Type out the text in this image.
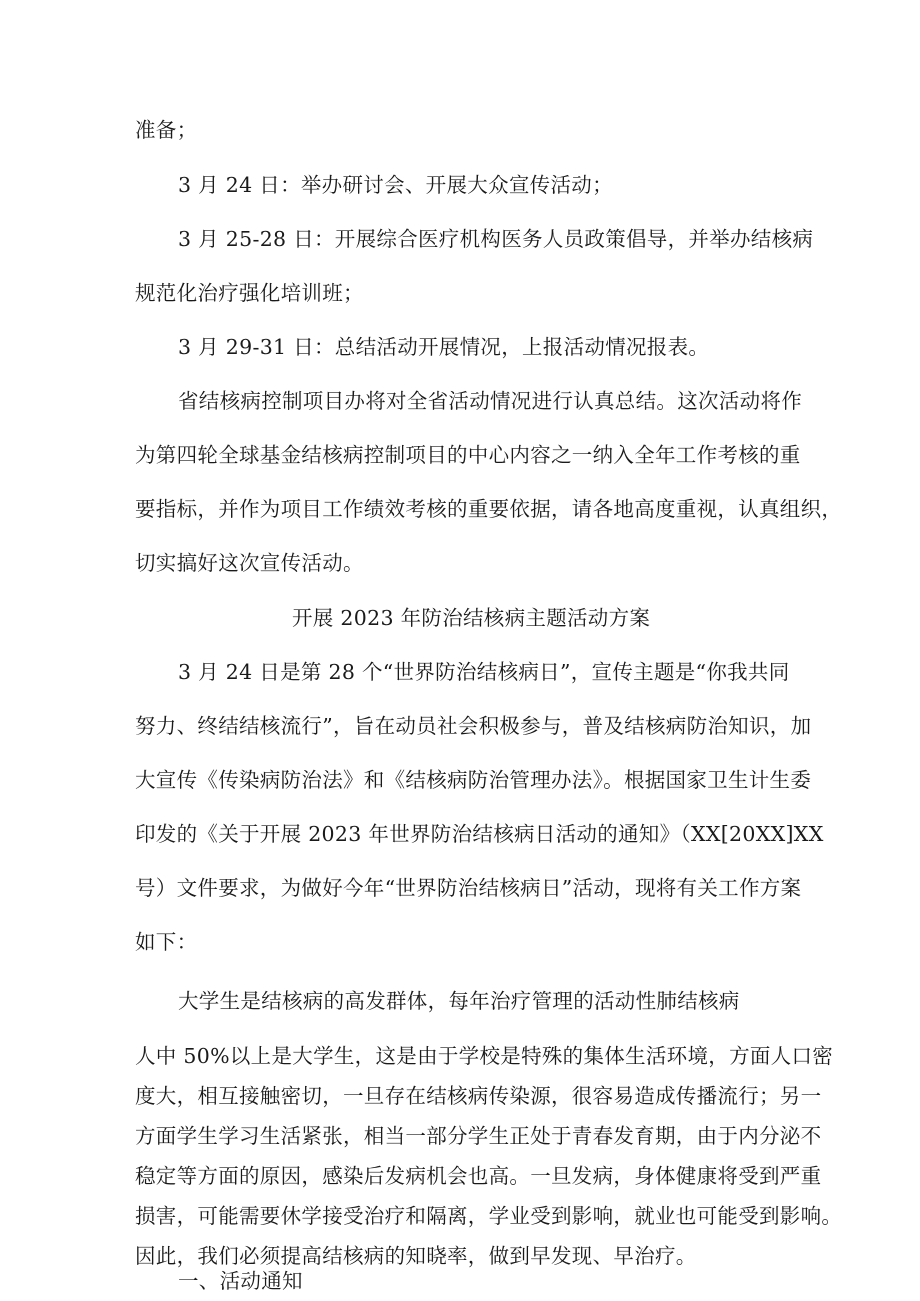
准备；
3 月 24 日：举办研讨会、开展大众宣传活动；
3 月 25-28 日：开展综合医疗机构医务人员政策倡导，并举办结核病
规范化治疗强化培训班；
3 月 29-31 日：总结活动开展情况，上报活动情况报表。
省结核病控制项目办将对全省活动情况进行认真总结。这次活动将作
为第四轮全球基金结核病控制项目的中心内容之一纳入全年工作考核的重
要指标，并作为项目工作绩效考核的重要依据，请各地高度重视，认真组织，
切实搞好这次宣传活动。
开展 2023 年防治结核病主题活动方案
3 月 24 日是第 28 个“世界防治结核病日”，宣传主题是“你我共同
努力、终结结核流行”，旨在动员社会积极参与，普及结核病防治知识，加
大宣传《传染病防治法》和《结核病防治管理办法》。根据国家卫生计生委
印发的《关于开展 2023 年世界防治结核病日活动的通知》（XX[20XX]XX
号）文件要求，为做好今年“世界防治结核病日”活动，现将有关工作方案
如下：
大学生是结核病的高发群体，每年治疗管理的活动性肺结核病
人中 50%以上是大学生，这是由于学校是特殊的集体生活环境，方面人口密
度大，相互接触密切，一旦存在结核病传染源，很容易造成传播流行；另一
方面学生学习生活紧张，相当一部分学生正处于青春发育期，由于内分泌不
稳定等方面的原因，感染后发病机会也高。一旦发病，身体健康将受到严重
损害，可能需要休学接受治疗和隔离，学业受到影响，就业也可能受到影响。
因此，我们必须提高结核病的知晓率，做到早发现、早治疗。
一、活动通知
